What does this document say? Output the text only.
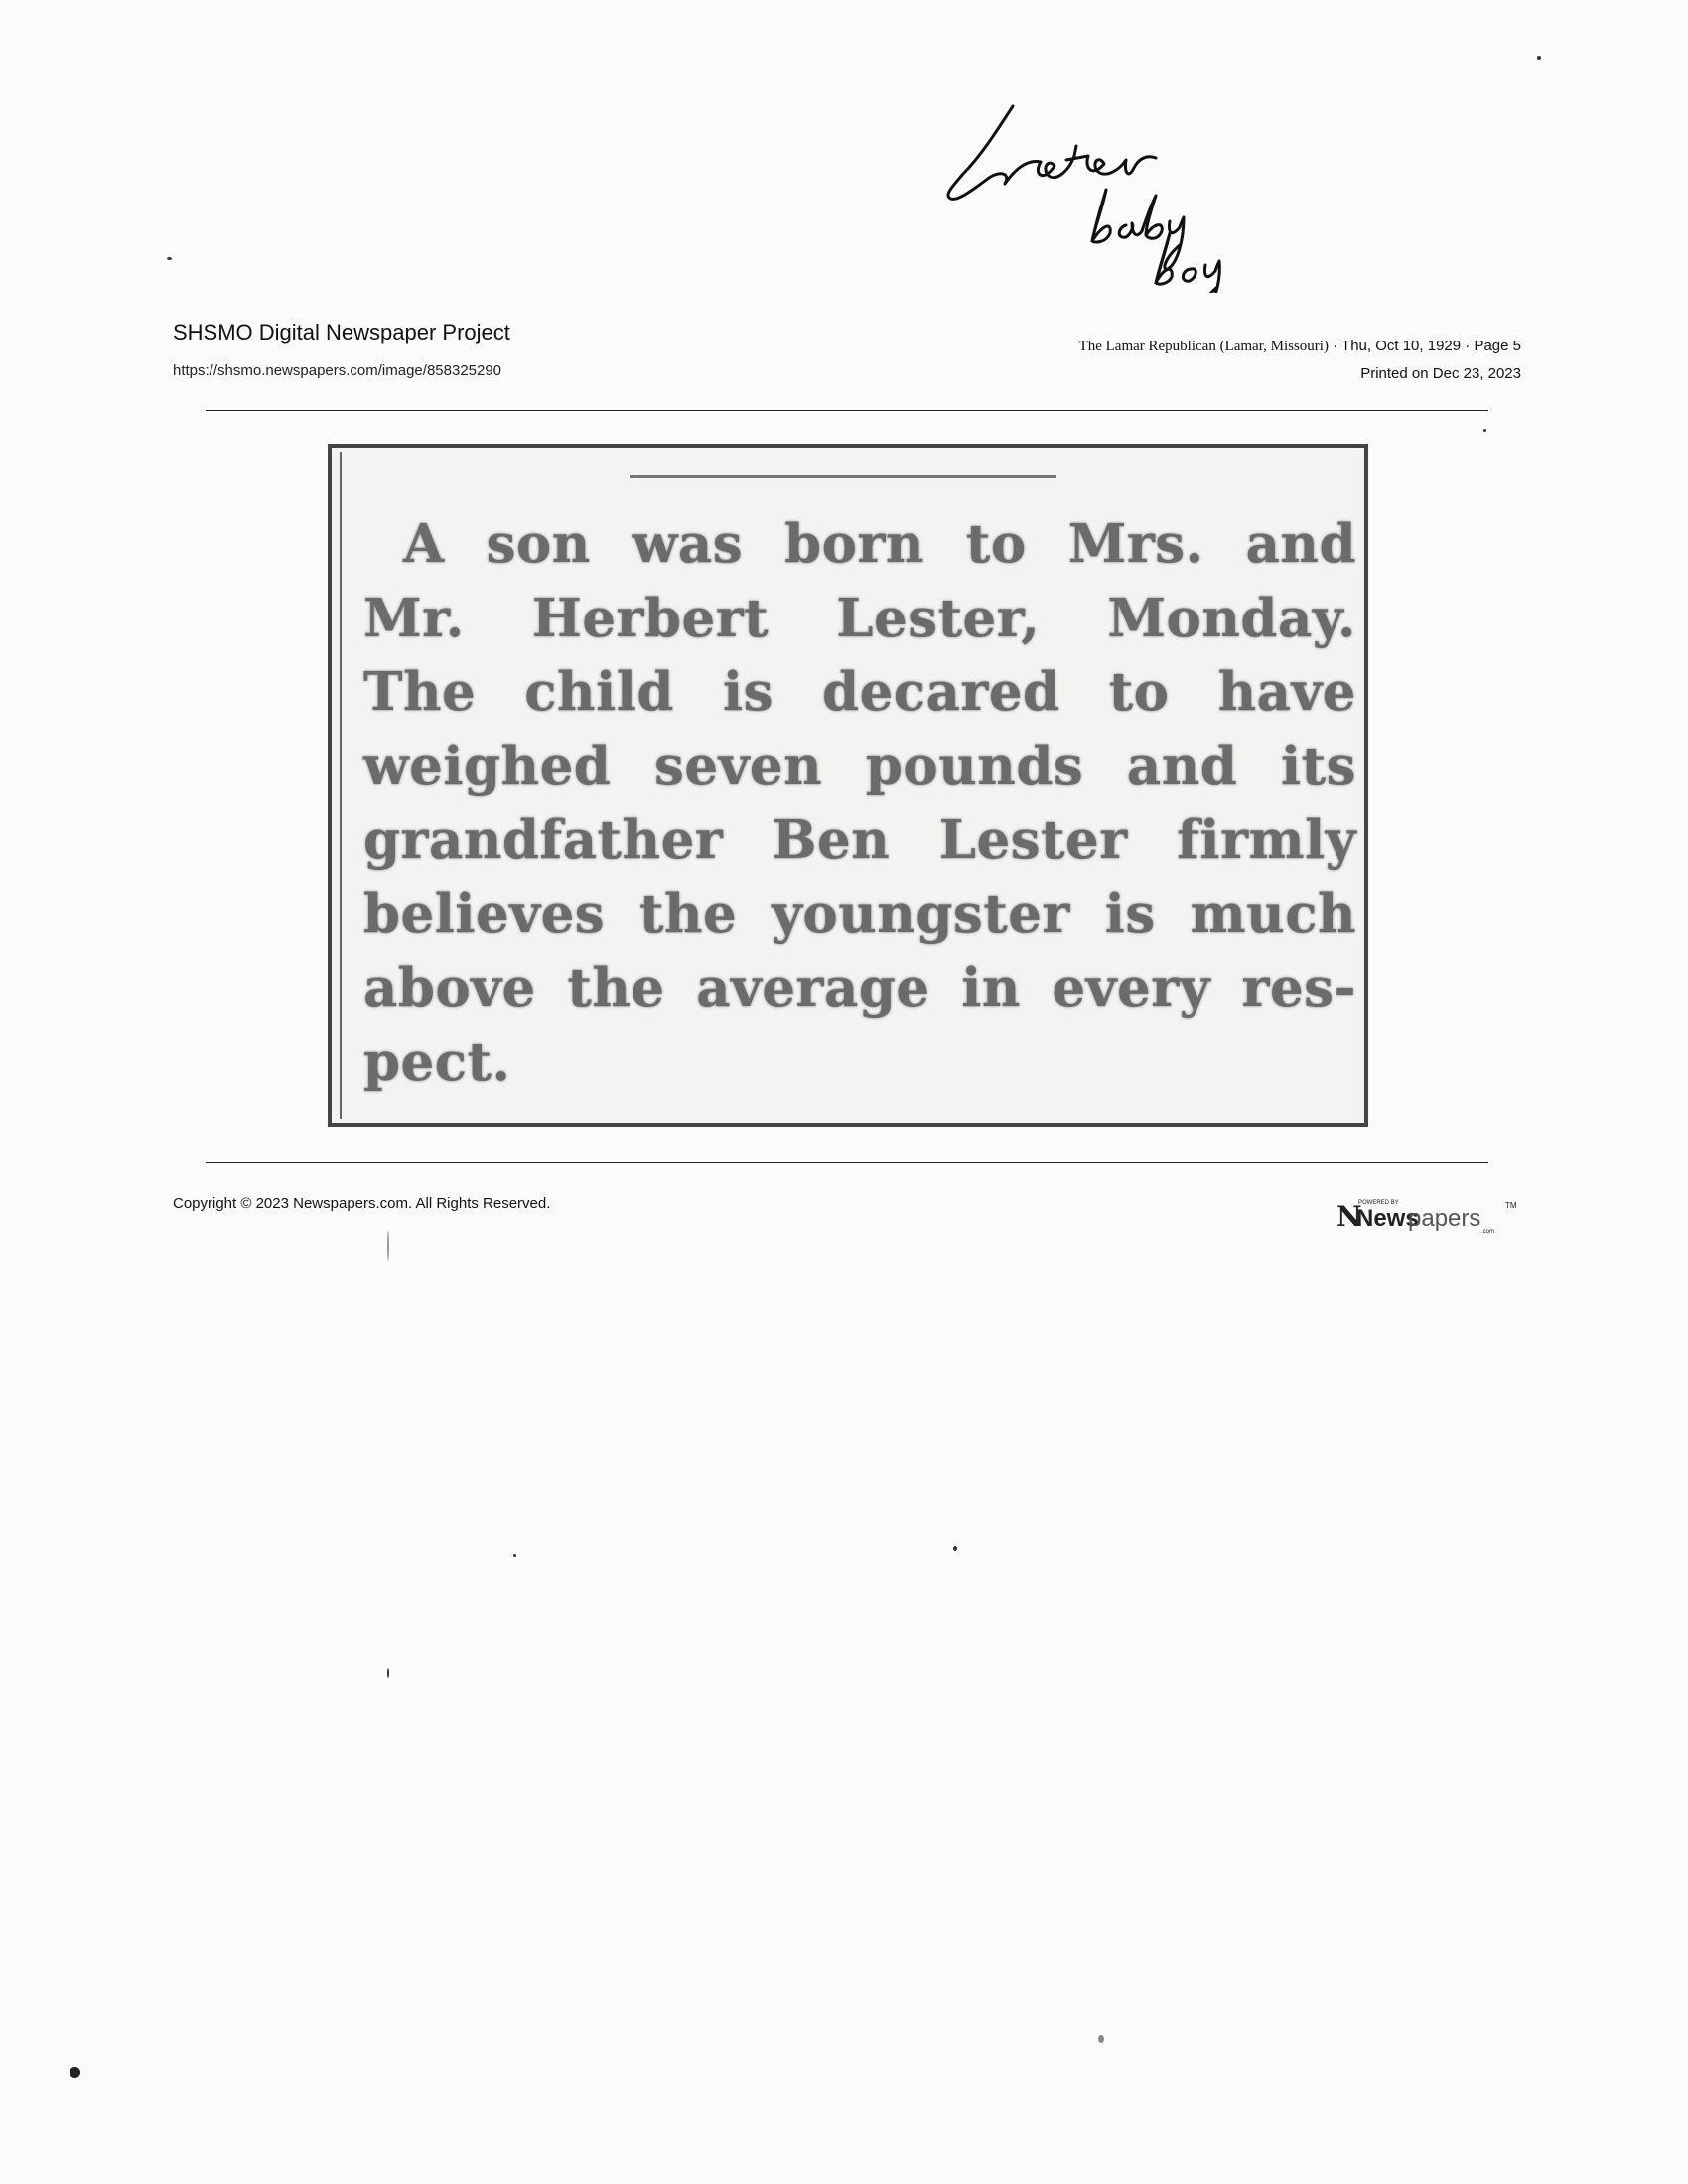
SHSMO Digital Newspaper Project
https://shsmo.newspapers.com/image/858325290
The Lamar Republican (Lamar, Missouri) · Thu, Oct 10, 1929 · Page 5
Printed on Dec 23, 2023
A son was born to Mrs. and
Mr. Herbert Lester, Monday.
The child is decared to have
weighed seven pounds and its
grandfather Ben Lester firmly
believes the youngster is much
above the average in every res-
pect.
Copyright © 2023 Newspapers.com. All Rights Reserved.	N
POWERED BY
News
papers	TM
.com
